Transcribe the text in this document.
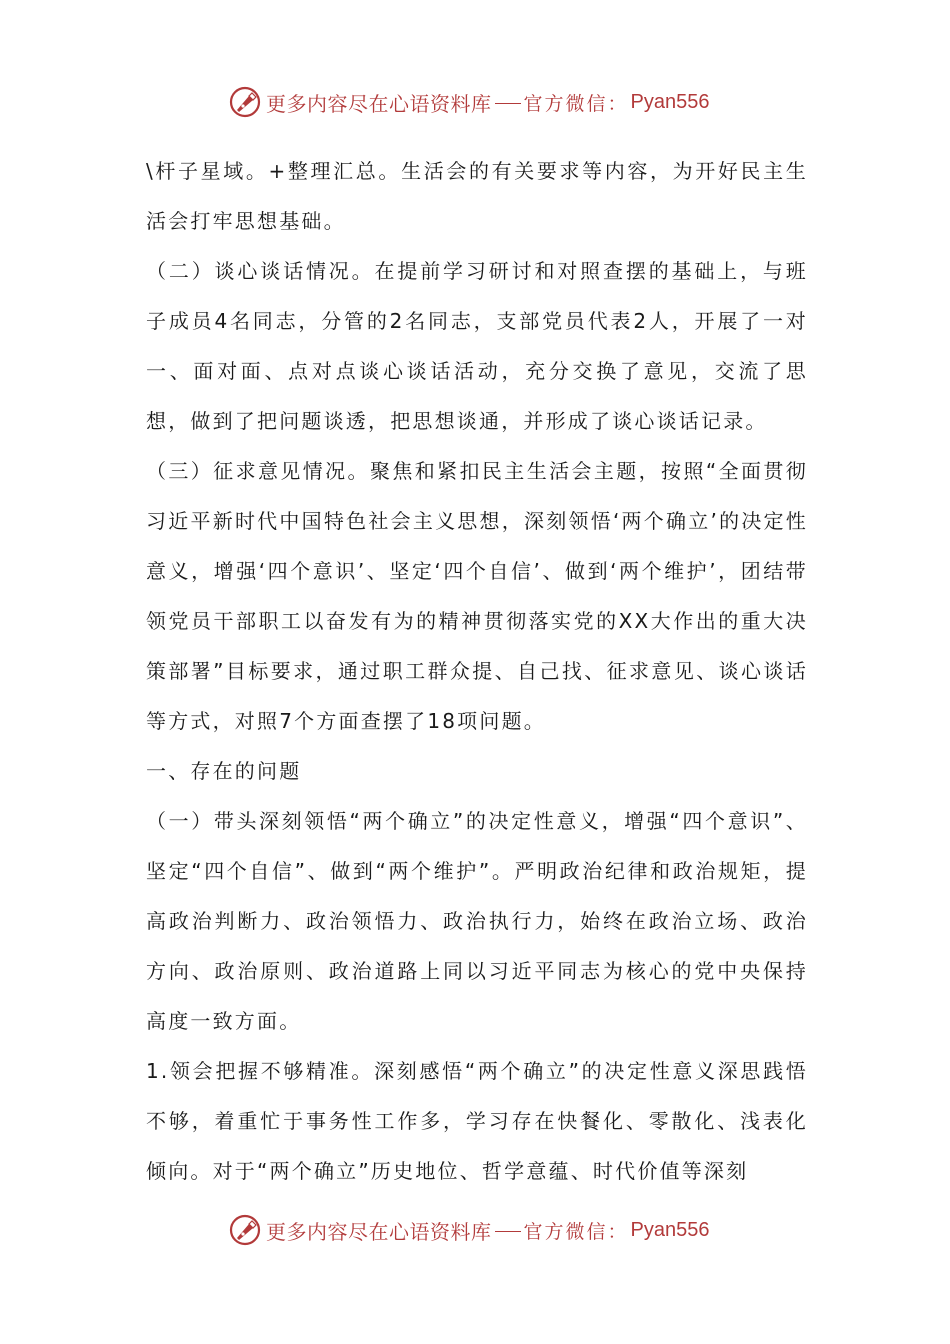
更多内容尽在心语资料库 官方微信： Pyan556

\杆子星域。+整理汇总。生活会的有关要求等内容，为开好民主生活会打牢思想基础。

（二）谈心谈话情况。在提前学习研讨和对照查摆的基础上，与班子成员4名同志，分管的2名同志，支部党员代表2人，开展了一对一、面对面、点对点谈心谈话活动，充分交换了意见，交流了思想，做到了把问题谈透，把思想谈通，并形成了谈心谈话记录。

（三）征求意见情况。聚焦和紧扣民主生活会主题，按照“全面贯彻习近平新时代中国特色社会主义思想，深刻领悟‘两个确立’的决定性意义，增强‘四个意识’、坚定‘四个自信’、做到‘两个维护’，团结带领党员干部职工以奋发有为的精神贯彻落实党的XX大作出的重大决策部署”目标要求，通过职工群众提、自己找、征求意见、谈心谈话等方式，对照7个方面查摆了18项问题。

一、存在的问题

（一）带头深刻领悟“两个确立”的决定性意义，增强“四个意识”、坚定“四个自信”、做到“两个维护”。严明政治纪律和政治规矩，提高政治判断力、政治领悟力、政治执行力，始终在政治立场、政治方向、政治原则、政治道路上同以习近平同志为核心的党中央保持高度一致方面。

1.领会把握不够精准。深刻感悟“两个确立”的决定性意义深思践悟不够，着重忙于事务性工作多，学习存在快餐化、零散化、浅表化倾向。对于“两个确立”历史地位、哲学意蕴、时代价值等深刻

更多内容尽在心语资料库 官方微信： Pyan556
